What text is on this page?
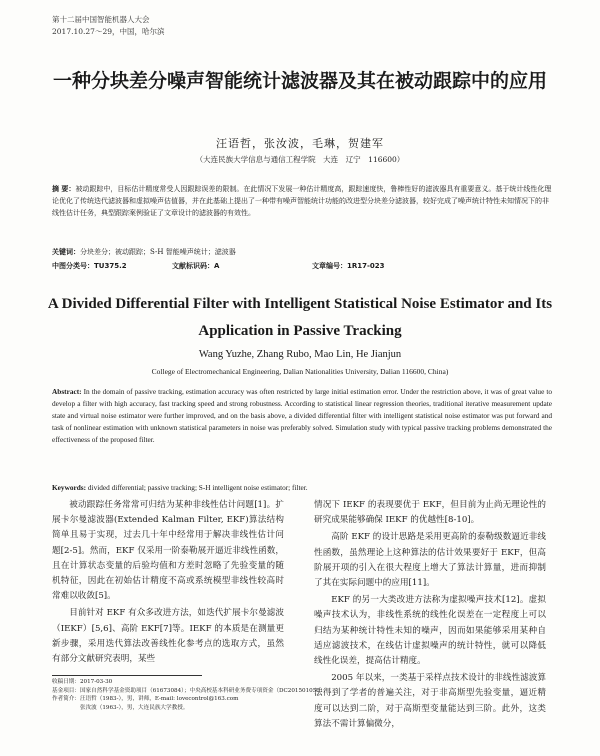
第十二届中国智能机器人大会
2017.10.27～29，中国，哈尔滨
一种分块差分噪声智能统计滤波器及其在被动跟踪中的应用
汪语哲，张汝波，毛琳，贺建军
（大连民族大学信息与通信工程学院　大连　辽宁　116600）
摘 要：被动跟踪中，目标估计精度常受人因跟踪误差的限制。在此情况下发展一种估计精度高，跟踪速度快，鲁棒性好的滤波器具有重要意义。基于统计线性化理论优化了传统迭代滤波器和虚拟噪声估值器，并在此基础上提出了一种带有噪声智能统计功能的改进型分块差分滤波器，较好完成了噪声统计特性未知情况下的非线性估计任务，典型跟踪案例验证了文章设计的滤波器的有效性。
关键词：分块差分；被动跟踪；S-H 智能噪声统计；滤波器
中图分类号：TU375.2	文献标识码：A	文章编号：1R17-023
A Divided Differential Filter with Intelligent Statistical Noise Estimator and Its Application in Passive Tracking
Wang Yuzhe, Zhang Rubo, Mao Lin, He Jianjun
College of Electromechanical Engineering, Dalian Nationalities University, Dalian 116600, China)
Abstract: In the domain of passive tracking, estimation accuracy was often restricted by large initial estimation error. Under the restriction above, it was of great value to develop a filter with high accuracy, fast tracking speed and strong robustness. According to statistical linear regression theories, traditional iterative measurement update state and virtual noise estimator were further improved, and on the basis above, a divided differential filter with intelligent statistical noise estimator was put forward and task of nonlinear estimation with unknown statistical parameters in noise was preferably solved. Simulation study with typical passive tracking problems demonstrated the effectiveness of the proposed filter.
Keywords: divided differential; passive tracking; S-H intelligent noise estimator; filter.

被动跟踪任务常常可归结为某种非线性估计问题[1]。扩展卡尔曼滤波器(Extended Kalman Filter, EKF)算法结构简单且易于实现，过去几十年中经常用于解决非线性估计问题[2-5]。然而，EKF 仅采用一阶泰勒展开逼近非线性函数，且在计算状态变量的后验均值和方差时忽略了先验变量的随机特征，因此在初始估计精度不高或系统模型非线性较高时常难以收敛[5]。

目前针对 EKF 有众多改进方法，如迭代扩展卡尔曼滤波（IEKF）[5,6]、高阶 EKF[7]等。IEKF 的本质是在测量更新步骤，采用迭代算法改善线性化参考点的选取方式，虽然有部分文献研究表明，某些

情况下 IEKF 的表现要优于 EKF，但目前为止尚无理论性的研究成果能够确保 IEKF 的优越性[8-10]。

高阶 EKF 的设计思路是采用更高阶的泰勒级数逼近非线性函数，虽然理论上这种算法的估计效果要好于 EKF，但高阶展开项的引入在很大程度上增大了算法计算量，进而抑制了其在实际问题中的应用[11]。

EKF 的另一大类改进方法称为虚拟噪声技术[12]。虚拟噪声技术认为，非线性系统的线性化误差在一定程度上可以归结为某种统计特性未知的噪声，因而如果能够采用某种自适应滤波技术，在线估计虚拟噪声的统计特性，就可以降低线性化误差，提高估计精度。

2005 年以来，一类基于采样点技术设计的非线性滤波算法得到了学者的普遍关注，对于非高斯型先验变量，逼近精度可以达到二阶，对于高斯型变量能达到三阶。此外，这类算法不需计算偏微分，

收稿日期：2017-03-30
基金项目：国家自然科学基金资助项目（61673084）；中央高校基本科研业务费专项资金（DC201501050）
作者简介：汪语哲（1983-），男，讲师，E-mail: lovecontrol@163.com
　　　　　张汝波（1963-），男，大连民族大学教授。
